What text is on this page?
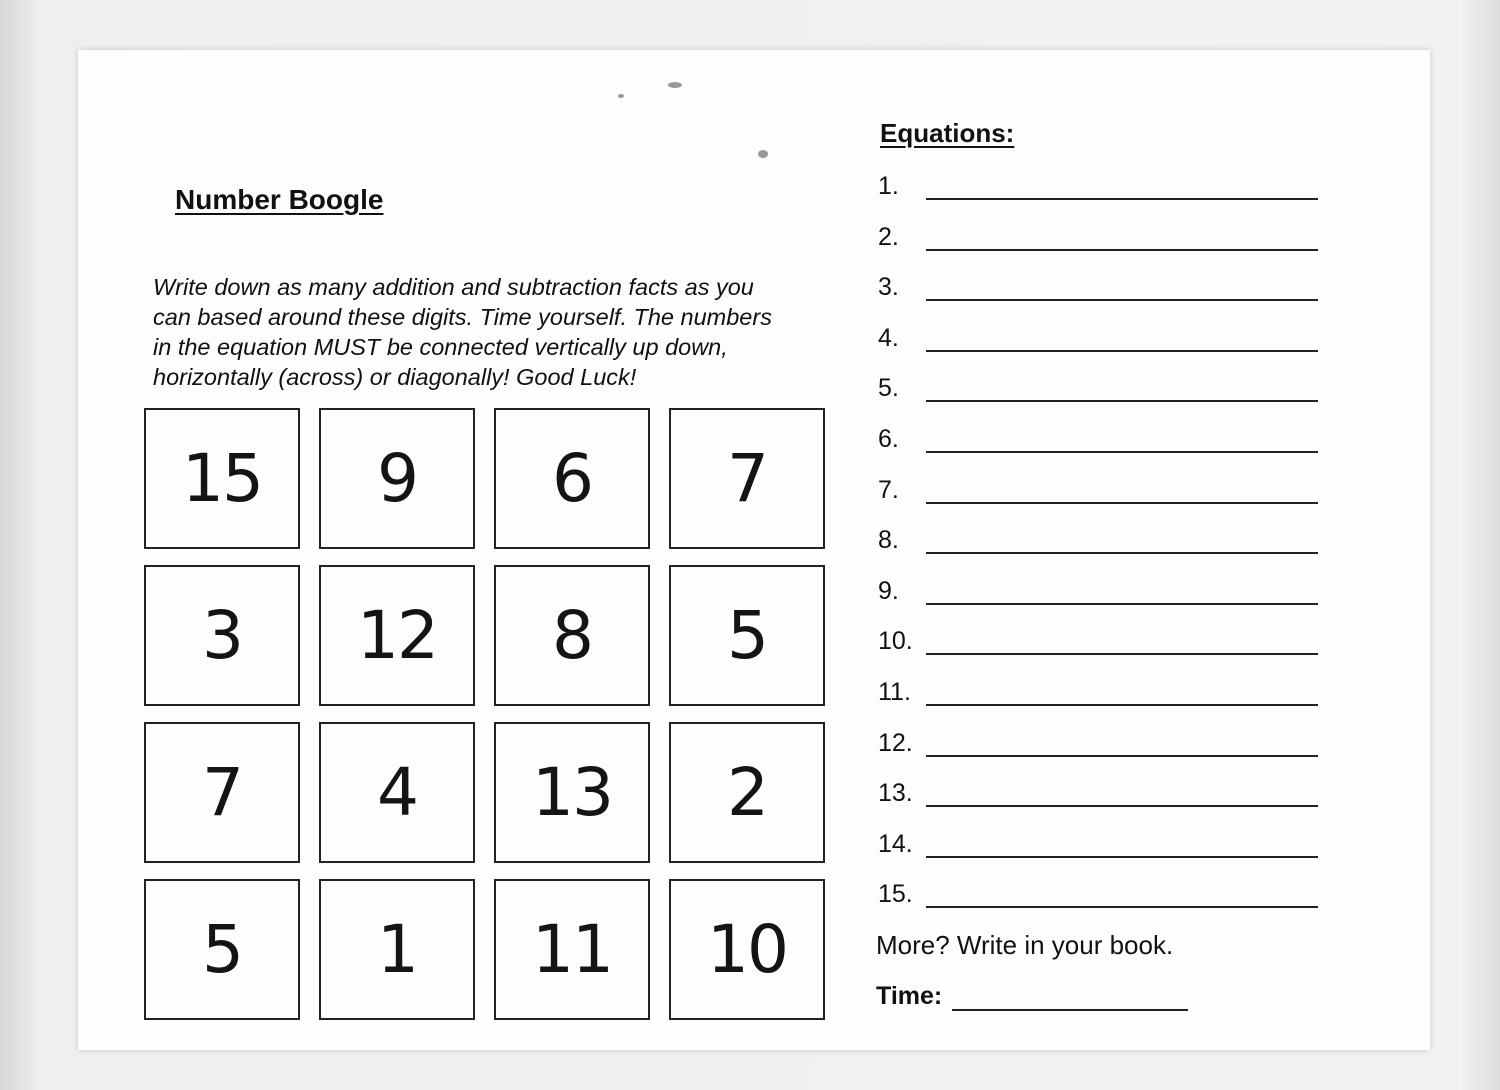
Number Boogle

Write down as many addition and subtraction facts as you can based around these digits. Time yourself. The numbers in the equation MUST be connected vertically up down, horizontally (across) or diagonally! Good Luck!

15	9	6	7
3	12	8	5
7	4	13	2
5	1	11	10
Equations:
1.
2.
3.
4.
5.
6.
7.
8.
9.
10.
11.
12.
13.
14.
15.

More? Write in your book.

Time:
